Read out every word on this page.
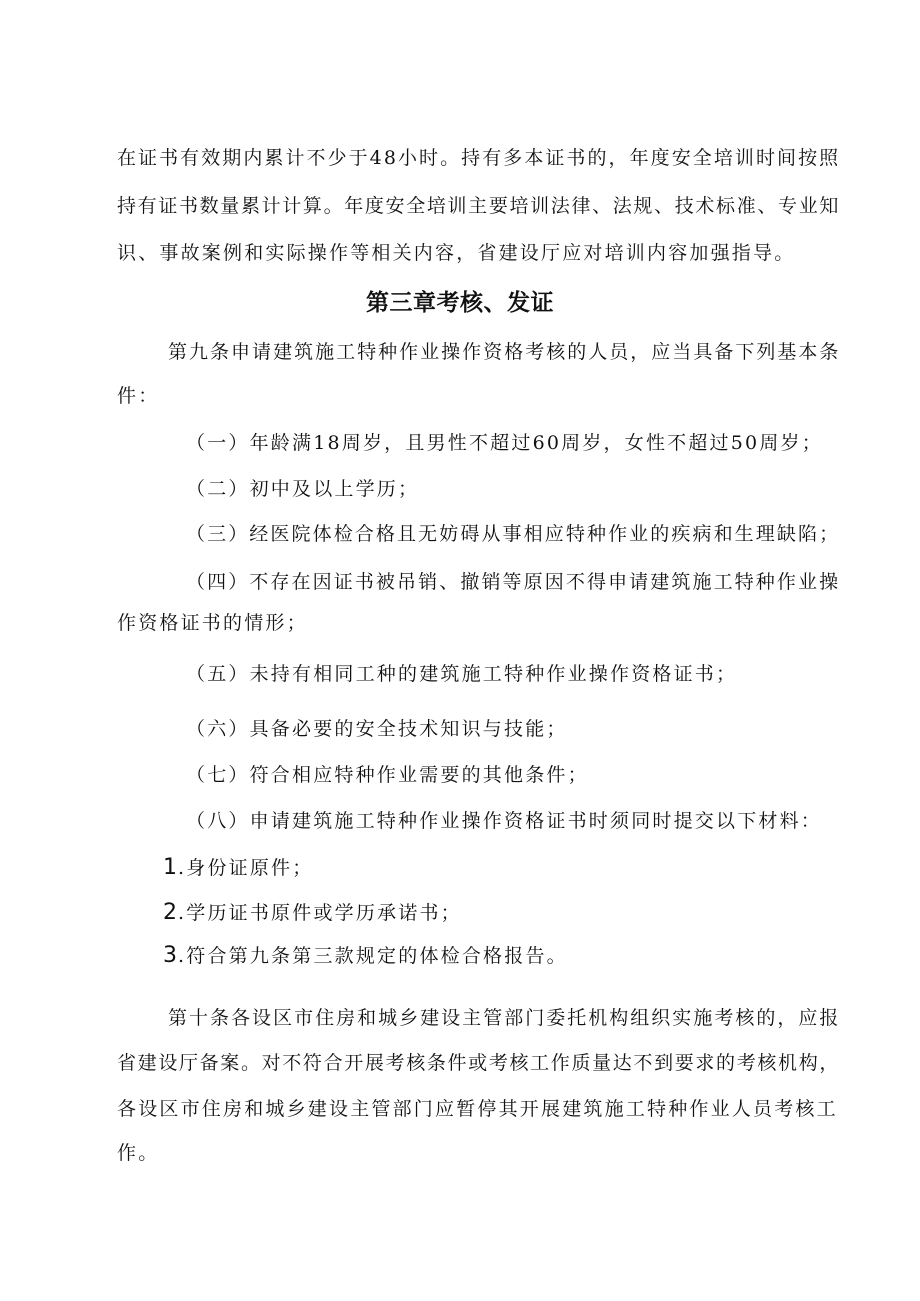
在证书有效期内累计不少于48小时。持有多本证书的，年度安全培训时间按照

持有证书数量累计计算。年度安全培训主要培训法律、法规、技术标准、专业知

识、事故案例和实际操作等相关内容，省建设厅应对培训内容加强指导。

第三章考核、发证

第九条申请建筑施工特种作业操作资格考核的人员，应当具备下列基本条

件：

（一）年龄满18周岁，且男性不超过60周岁，女性不超过50周岁；

（二）初中及以上学历；

（三）经医院体检合格且无妨碍从事相应特种作业的疾病和生理缺陷；

（四）不存在因证书被吊销、撤销等原因不得申请建筑施工特种作业操

作资格证书的情形；

（五）未持有相同工种的建筑施工特种作业操作资格证书；

（六）具备必要的安全技术知识与技能；

（七）符合相应特种作业需要的其他条件；

（八）申请建筑施工特种作业操作资格证书时须同时提交以下材料：

1.身份证原件；

2.学历证书原件或学历承诺书；

3.符合第九条第三款规定的体检合格报告。

第十条各设区市住房和城乡建设主管部门委托机构组织实施考核的，应报

省建设厅备案。对不符合开展考核条件或考核工作质量达不到要求的考核机构，

各设区市住房和城乡建设主管部门应暂停其开展建筑施工特种作业人员考核工

作。
